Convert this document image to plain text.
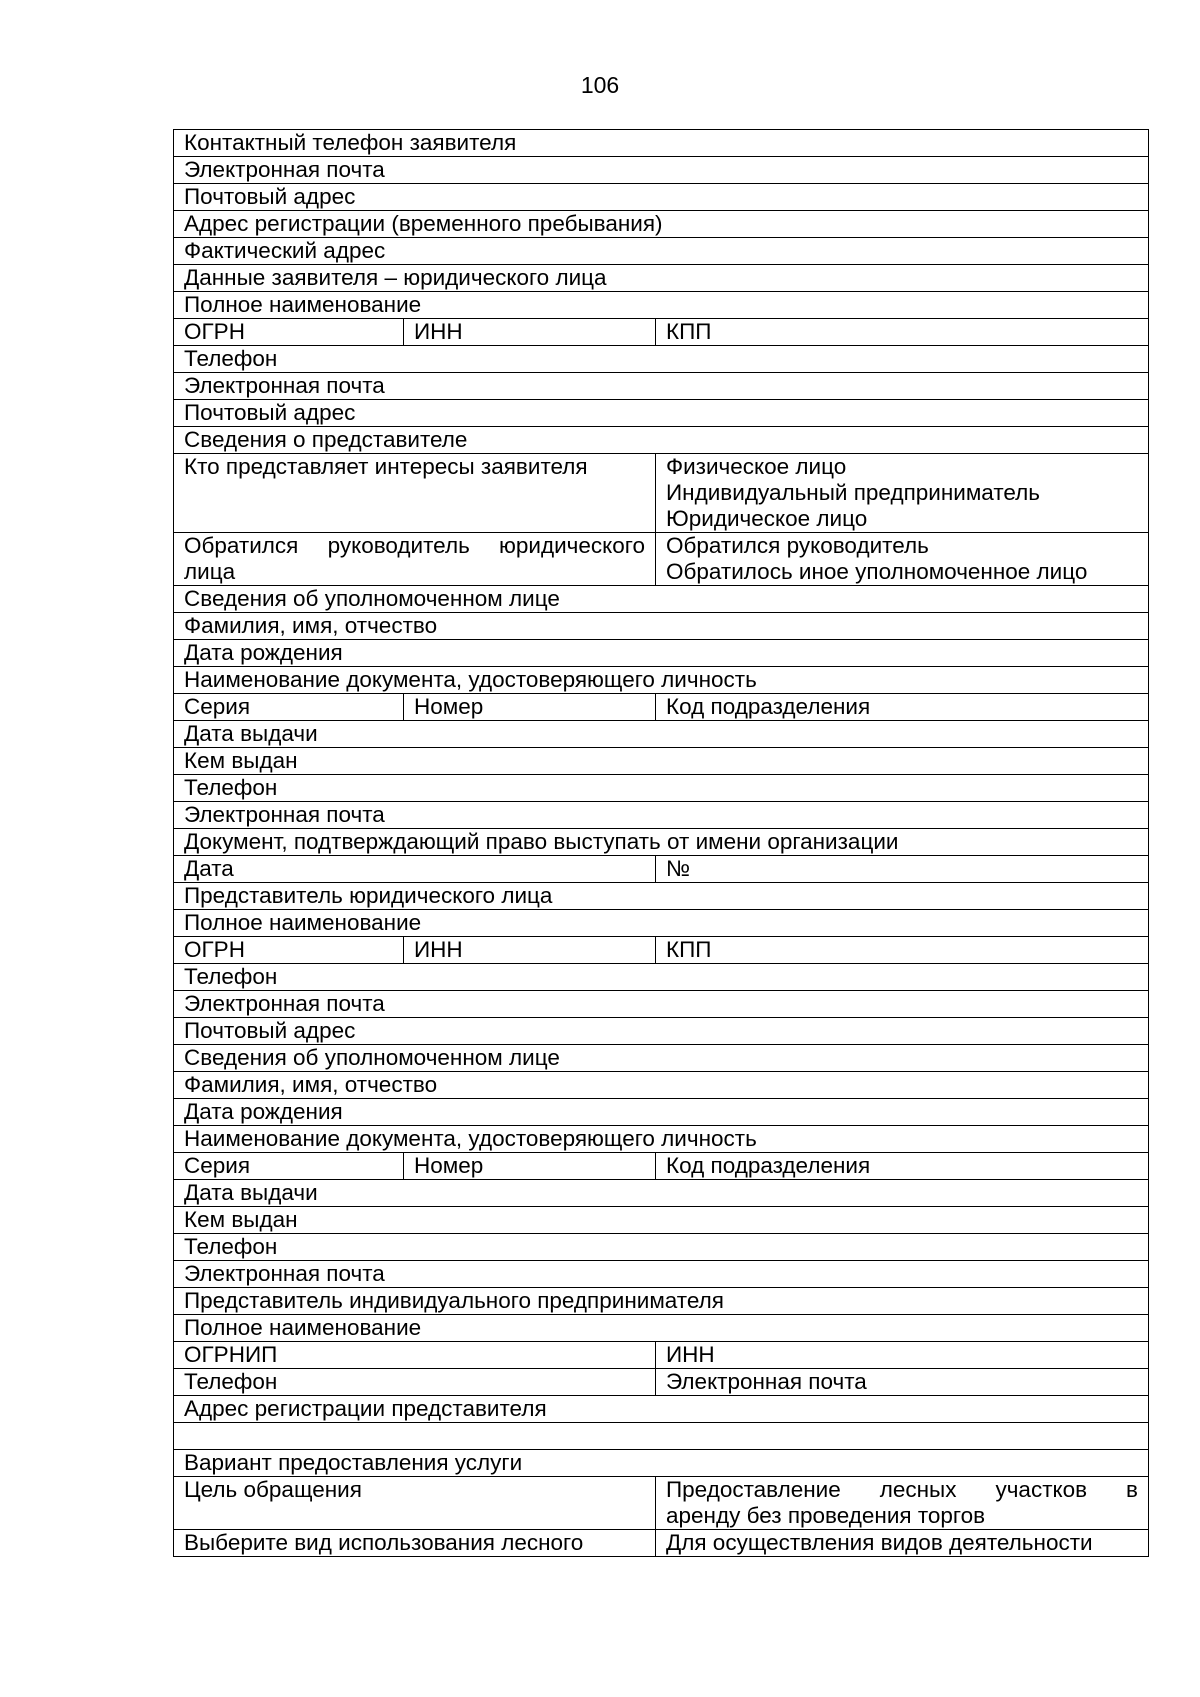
106
Контактный телефон заявителя		
Электронная почта		
Почтовый адрес		
Адрес регистрации (временного пребывания)		
Фактический адрес		
Данные заявителя – юридического лица		
Полное наименование		
ОГРН	ИНН	КПП
Телефон		
Электронная почта		
Почтовый адрес		
Сведения о представителе		
Кто представляет интересы заявителя		Физическое лицо
Индивидуальный предприниматель
Юридическое лицо

Обратился руководитель юридического
лица		Обратился руководитель
Обратилось иное уполномоченное лицо

Сведения об уполномоченном лице		
Фамилия, имя, отчество		
Дата рождения		
Наименование документа, удостоверяющего личность		
Серия	Номер	Код подразделения
Дата выдачи		
Кем выдан		
Телефон		
Электронная почта		
Документ, подтверждающий право выступать от имени организации		
Дата		№
Представитель юридического лица		
Полное наименование		
ОГРН	ИНН	КПП
Телефон		
Электронная почта		
Почтовый адрес		
Сведения об уполномоченном лице		
Фамилия, имя, отчество		
Дата рождения		
Наименование документа, удостоверяющего личность		
Серия	Номер	Код подразделения
Дата выдачи		
Кем выдан		
Телефон		
Электронная почта		
Представитель индивидуального предпринимателя		
Полное наименование		
ОГРНИП		ИНН
Телефон		Электронная почта
Адрес регистрации представителя		

Вариант предоставления услуги		
Цель обращения		Предоставление лесных участков в
аренду без проведения торгов

Выберите вид использования лесного		Для осуществления видов деятельности
